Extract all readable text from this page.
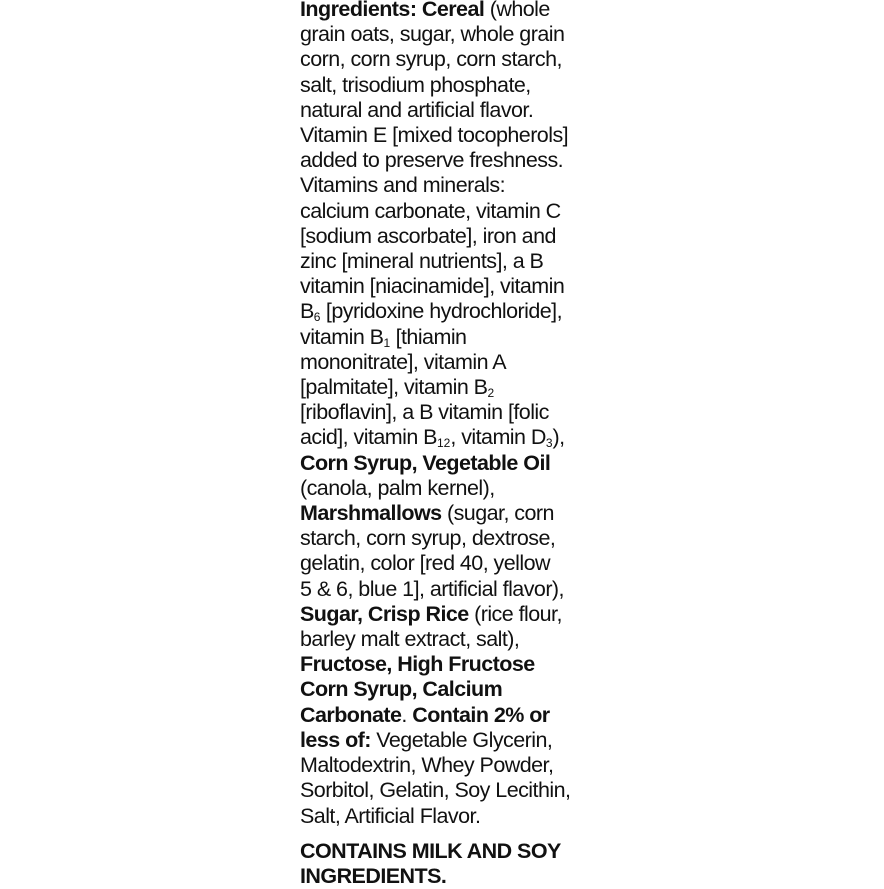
Ingredients: Cereal (whole
grain oats, sugar, whole grain
corn, corn syrup, corn starch,
salt, trisodium phosphate,
natural and artificial flavor.
Vitamin E [mixed tocopherols]
added to preserve freshness.
Vitamins and minerals:
calcium carbonate, vitamin C
[sodium ascorbate], iron and
zinc [mineral nutrients], a B
vitamin [niacinamide], vitamin
$B_6$ [pyridoxine hydrochloride],
vitamin $B_1$ [thiamin
mononitrate], vitamin A
[palmitate], vitamin $B_2$
[riboflavin], a B vitamin [folic
acid], vitamin $B_{12}$, vitamin $D_3$),
Corn Syrup, Vegetable Oil
(canola, palm kernel),
Marshmallows (sugar, corn
starch, corn syrup, dextrose,
gelatin, color [red 40, yellow
5 & 6, blue 1], artificial flavor),
Sugar, Crisp Rice (rice flour,
barley malt extract, salt),
Fructose, High Fructose
Corn Syrup, Calcium
Carbonate. Contain 2% or
less of: Vegetable Glycerin,
Maltodextrin, Whey Powder,
Sorbitol, Gelatin, Soy Lecithin,
Salt, Artificial Flavor.
CONTAINS MILK AND SOY
INGREDIENTS.
